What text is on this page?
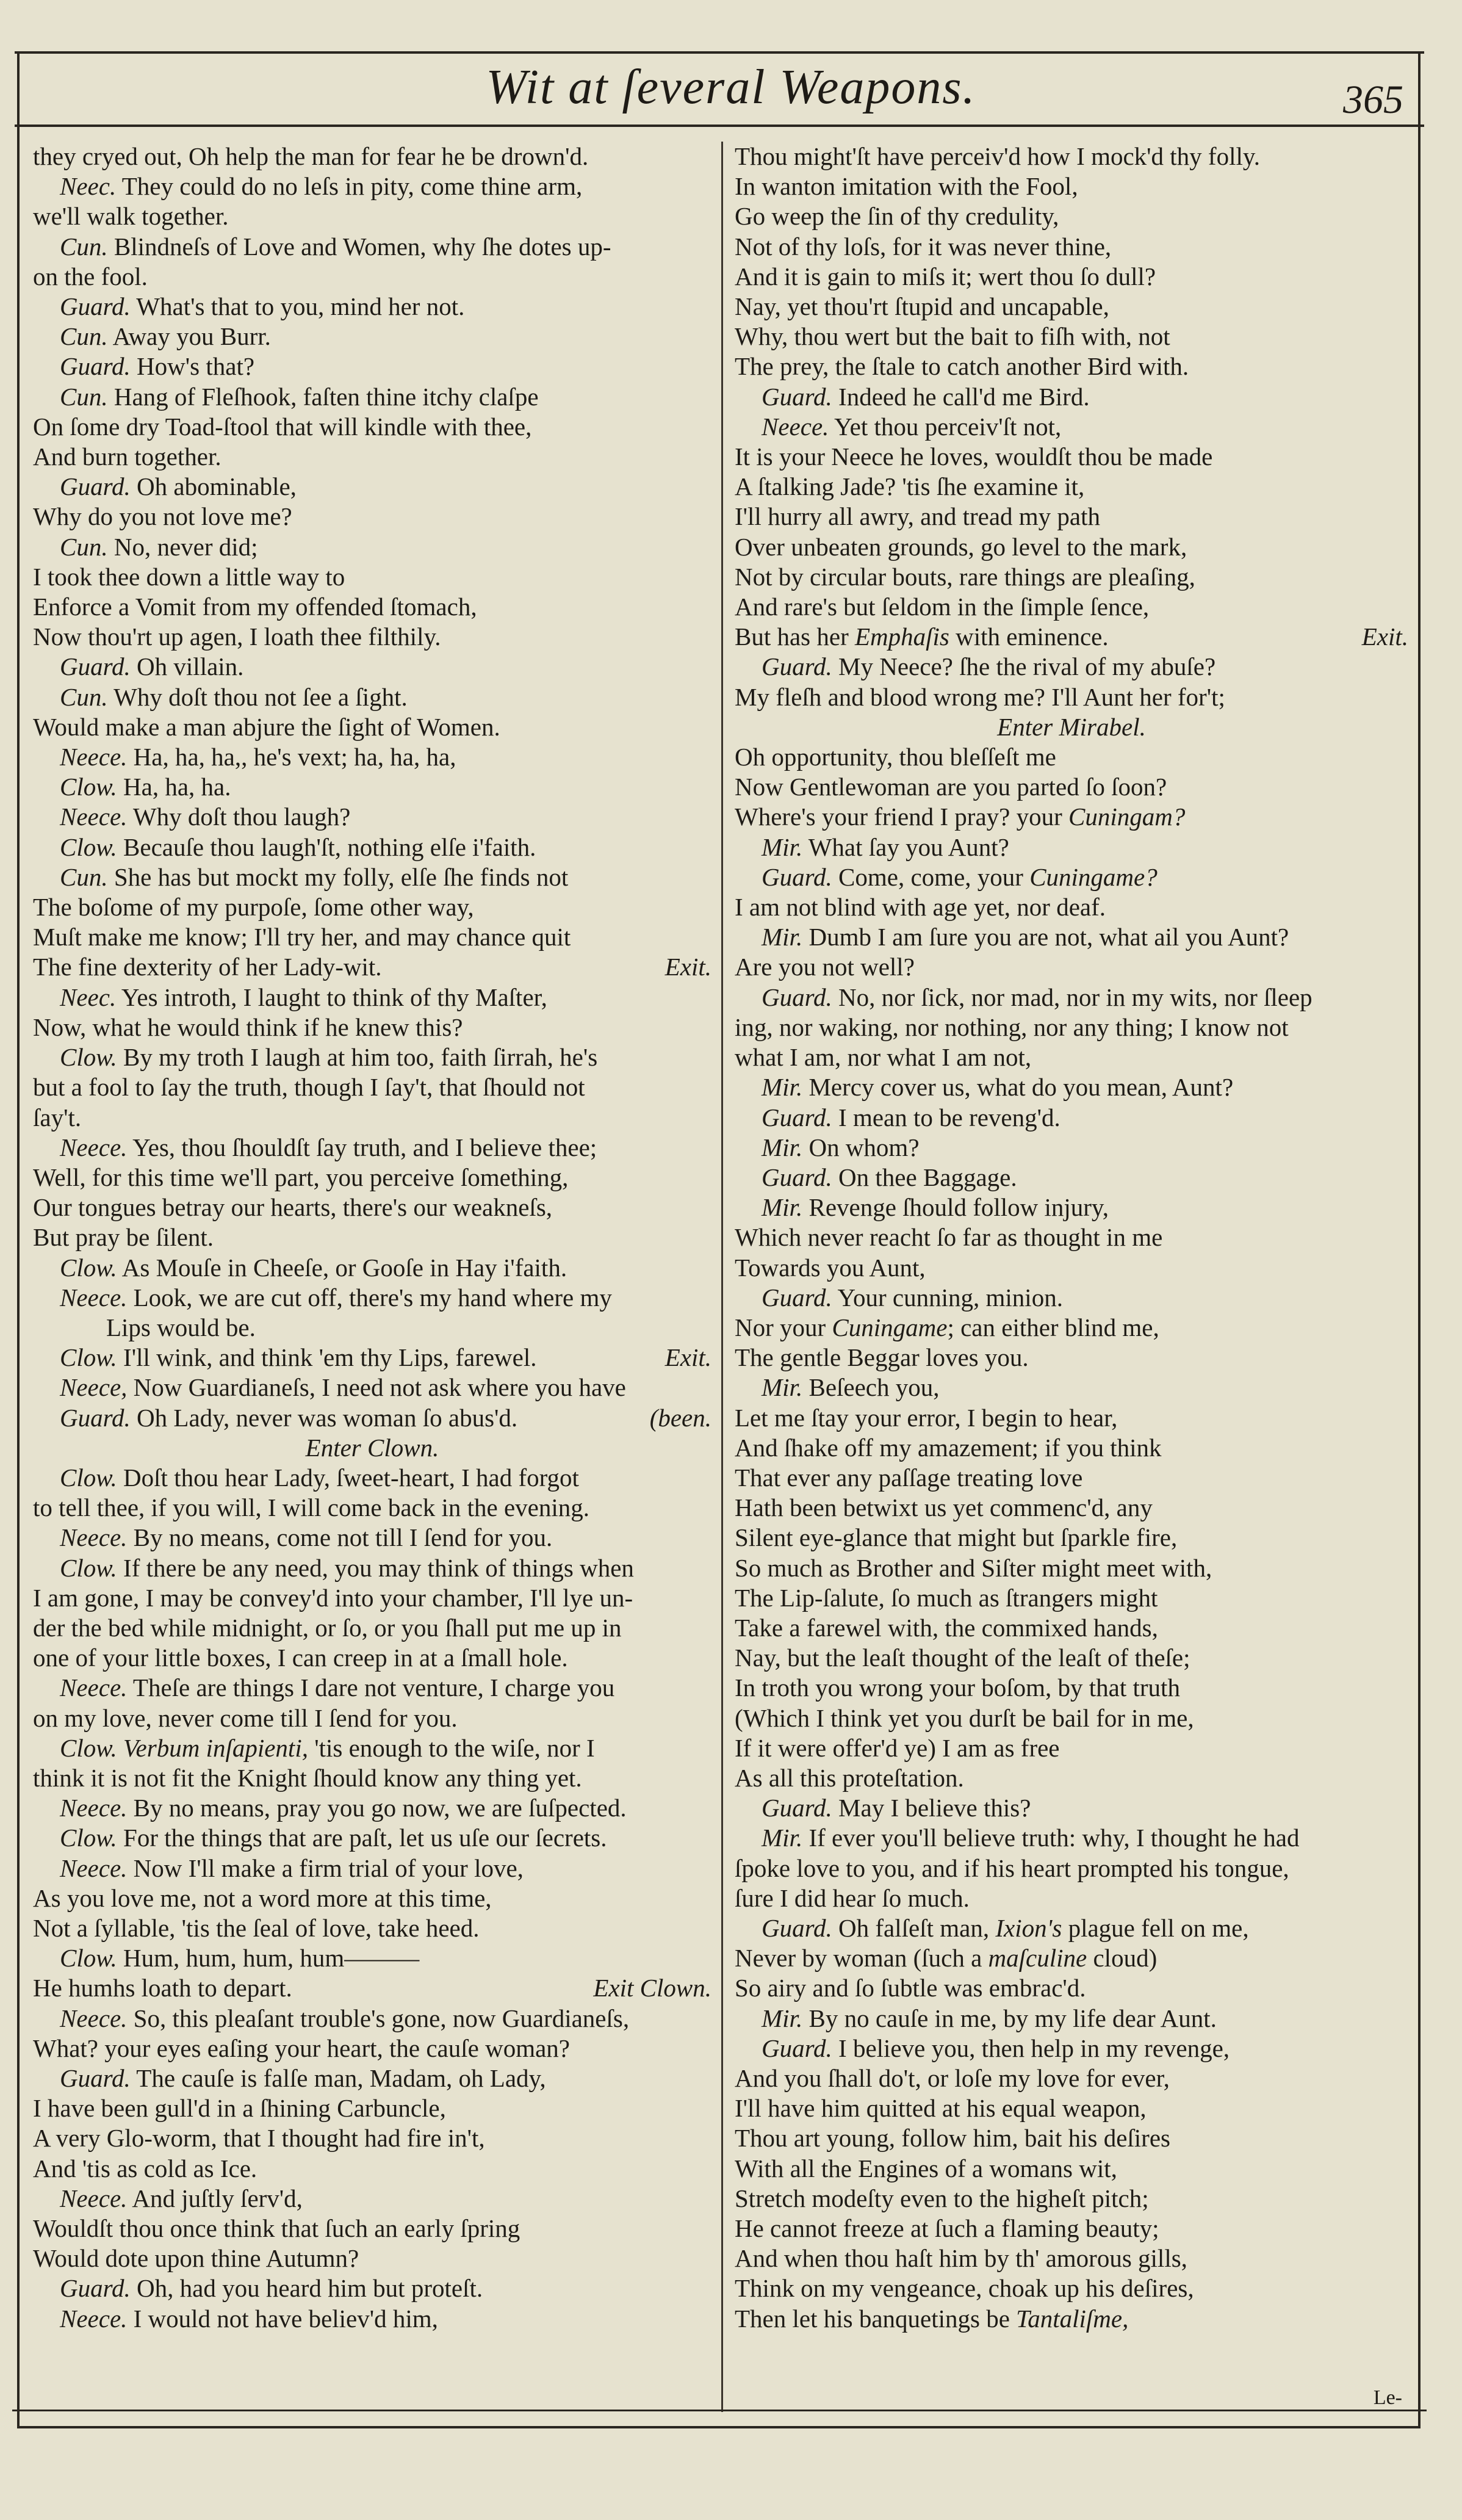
Wit at ſeveral Weapons.	365
they cryed out, Oh help the man for fear he be drown'd.
Neec. They could do no leſs in pity, come thine arm,
we'll walk together.
Cun. Blindneſs of Love and Women, why ſhe dotes up-
on the fool.
Guard. What's that to you, mind her not.
Cun. Away you Burr.
Guard. How's that?
Cun. Hang of Fleſhook, faſten thine itchy claſpe
On ſome dry Toad-ſtool that will kindle with thee,
And burn together.
Guard. Oh abominable,
Why do you not love me?
Cun. No, never did;
I took thee down a little way to
Enforce a Vomit from my offended ſtomach,
Now thou'rt up agen, I loath thee filthily.
Guard. Oh villain.
Cun. Why doſt thou not ſee a ſight.
Would make a man abjure the ſight of Women.
Neece. Ha, ha, ha,, he's vext; ha, ha, ha,
Clow. Ha, ha, ha.
Neece. Why doſt thou laugh?
Clow. Becauſe thou laugh'ſt, nothing elſe i'faith.
Cun. She has but mockt my folly, elſe ſhe finds not
The boſome of my purpoſe, ſome other way,
Muſt make me know; I'll try her, and may chance quit
Exit.
The fine dexterity of her Lady-wit.
Neec. Yes introth, I laught to think of thy Maſter,
Now, what he would think if he knew this?
Clow. By my troth I laugh at him too, faith ſirrah, he's
but a fool to ſay the truth, though I ſay't, that ſhould not
ſay't.
Neece. Yes, thou ſhouldſt ſay truth, and I believe thee;
Well, for this time we'll part, you perceive ſomething,
Our tongues betray our hearts, there's our weakneſs,
But pray be ſilent.
Clow. As Mouſe in Cheeſe, or Gooſe in Hay i'faith.
Neece. Look, we are cut off, there's my hand where my
Lips would be.
Exit.
Clow. I'll wink, and think 'em thy Lips, farewel.
Neece, Now Guardianeſs, I need not ask where you have
(been.
Guard. Oh Lady, never was woman ſo abus'd.
Enter Clown.
Clow. Doſt thou hear Lady, ſweet-heart, I had forgot
to tell thee, if you will, I will come back in the evening.
Neece. By no means, come not till I ſend for you.
Clow. If there be any need, you may think of things when
I am gone, I may be convey'd into your chamber, I'll lye un-
der the bed while midnight, or ſo, or you ſhall put me up in
one of your little boxes, I can creep in at a ſmall hole.
Neece. Theſe are things I dare not venture, I charge you
on my love, never come till I ſend for you.
Clow. Verbum inſapienti, 'tis enough to the wiſe, nor I
think it is not fit the Knight ſhould know any thing yet.
Neece. By no means, pray you go now, we are ſuſpected.
Clow. For the things that are paſt, let us uſe our ſecrets.
Neece. Now I'll make a firm trial of your love,
As you love me, not a word more at this time,
Not a ſyllable, 'tis the ſeal of love, take heed.
Clow. Hum, hum, hum, hum———
Exit Clown.
He humhs loath to depart.
Neece. So, this pleaſant trouble's gone, now Guardianeſs,
What? your eyes eaſing your heart, the cauſe woman?
Guard. The cauſe is falſe man, Madam, oh Lady,
I have been gull'd in a ſhining Carbuncle,
A very Glo-worm, that I thought had fire in't,
And 'tis as cold as Ice.
Neece. And juſtly ſerv'd,
Wouldſt thou once think that ſuch an early ſpring
Would dote upon thine Autumn?
Guard. Oh, had you heard him but proteſt.
Neece. I would not have believ'd him,
Thou might'ſt have perceiv'd how I mock'd thy folly.
In wanton imitation with the Fool,
Go weep the ſin of thy credulity,
Not of thy loſs, for it was never thine,
And it is gain to miſs it; wert thou ſo dull?
Nay, yet thou'rt ſtupid and uncapable,
Why, thou wert but the bait to fiſh with, not
The prey, the ſtale to catch another Bird with.
Guard. Indeed he call'd me Bird.
Neece. Yet thou perceiv'ſt not,
It is your Neece he loves, wouldſt thou be made
A ſtalking Jade? 'tis ſhe examine it,
I'll hurry all awry, and tread my path
Over unbeaten grounds, go level to the mark,
Not by circular bouts, rare things are pleaſing,
And rare's but ſeldom in the ſimple ſence,
Exit.
But has her Emphaſis with eminence.
Guard. My Neece? ſhe the rival of my abuſe?
My fleſh and blood wrong me? I'll Aunt her for't;
Enter Mirabel.
Oh opportunity, thou bleſſeſt me
Now Gentlewoman are you parted ſo ſoon?
Where's your friend I pray? your Cuningam?
Mir. What ſay you Aunt?
Guard. Come, come, your Cuningame?
I am not blind with age yet, nor deaf.
Mir. Dumb I am ſure you are not, what ail you Aunt?
Are you not well?
Guard. No, nor ſick, nor mad, nor in my wits, nor ſleep
ing, nor waking, nor nothing, nor any thing; I know not
what I am, nor what I am not,
Mir. Mercy cover us, what do you mean, Aunt?
Guard. I mean to be reveng'd.
Mir. On whom?
Guard. On thee Baggage.
Mir. Revenge ſhould follow injury,
Which never reacht ſo far as thought in me
Towards you Aunt,
Guard. Your cunning, minion.
Nor your Cuningame; can either blind me,
The gentle Beggar loves you.
Mir. Beſeech you,
Let me ſtay your error, I begin to hear,
And ſhake off my amazement; if you think
That ever any paſſage treating love
Hath been betwixt us yet commenc'd, any
Silent eye-glance that might but ſparkle fire,
So much as Brother and Siſter might meet with,
The Lip-ſalute, ſo much as ſtrangers might
Take a farewel with, the commixed hands,
Nay, but the leaſt thought of the leaſt of theſe;
In troth you wrong your boſom, by that truth
(Which I think yet you durſt be bail for in me,
If it were offer'd ye) I am as free
As all this proteſtation.
Guard. May I believe this?
Mir. If ever you'll believe truth: why, I thought he had
ſpoke love to you, and if his heart prompted his tongue,
ſure I did hear ſo much.
Guard. Oh falſeſt man, Ixion's plague fell on me,
Never by woman (ſuch a maſculine cloud)
So airy and ſo ſubtle was embrac'd.
Mir. By no cauſe in me, by my life dear Aunt.
Guard. I believe you, then help in my revenge,
And you ſhall do't, or loſe my love for ever,
I'll have him quitted at his equal weapon,
Thou art young, follow him, bait his deſires
With all the Engines of a womans wit,
Stretch modeſty even to the higheſt pitch;
He cannot freeze at ſuch a flaming beauty;
And when thou haſt him by th' amorous gills,
Think on my vengeance, choak up his deſires,
Then let his banquetings be Tantaliſme,
Le-
